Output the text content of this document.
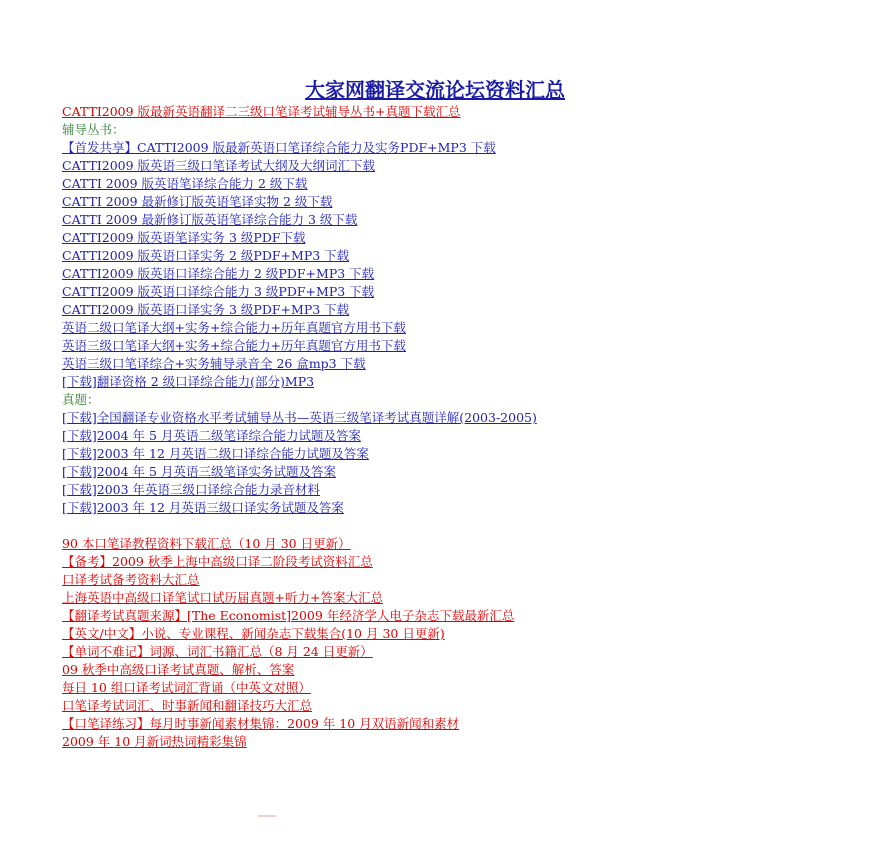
大家网翻译交流论坛资料汇总
CATTI2009 版最新英语翻译二三级口笔译考试辅导丛书+真题下载汇总
辅导丛书：
【首发共享】CATTI2009 版最新英语口笔译综合能力及实务PDF+MP3 下载
CATTI2009 版英语三级口笔译考试大纲及大纲词汇下载
CATTI 2009 版英语笔译综合能力 2 级下载
CATTI 2009 最新修订版英语笔译实物 2 级下载
CATTI 2009 最新修订版英语笔译综合能力 3 级下载
CATTI2009 版英语笔译实务 3 级PDF下载
CATTI2009 版英语口译实务 2 级PDF+MP3 下载
CATTI2009 版英语口译综合能力 2 级PDF+MP3 下载
CATTI2009 版英语口译综合能力 3 级PDF+MP3 下载
CATTI2009 版英语口译实务 3 级PDF+MP3 下载
英语二级口笔译大纲+实务+综合能力+历年真题官方用书下载
英语三级口笔译大纲+实务+综合能力+历年真题官方用书下载
英语三级口笔译综合+实务辅导录音全 26 盒mp3 下载
[下载]翻译资格 2 级口译综合能力(部分)MP3
真题：
[下载]全国翻译专业资格水平考试辅导丛书—英语三级笔译考试真题详解(2003-2005)
[下载]2004 年 5 月英语二级笔译综合能力试题及答案
[下载]2003 年 12 月英语二级口译综合能力试题及答案
[下载]2004 年 5 月英语三级笔译实务试题及答案
[下载]2003 年英语三级口译综合能力录音材料
[下载]2003 年 12 月英语三级口译实务试题及答案
90 本口笔译教程资料下载汇总（10 月 30 日更新）
【备考】2009 秋季上海中高级口译二阶段考试资料汇总
口译考试备考资料大汇总
上海英语中高级口译笔试口试历届真题+听力+答案大汇总
【翻译考试真题来源】[The Economist]2009 年经济学人电子杂志下载最新汇总
【英文/中文】小说、专业课程、新闻杂志下载集合(10 月 30 日更新)
【单词不难记】词源、词汇书籍汇总（8 月 24 日更新）
09 秋季中高级口译考试真题、解析、答案
每日 10 组口译考试词汇背诵（中英文对照）
口笔译考试词汇、时事新闻和翻译技巧大汇总
【口笔译练习】每月时事新闻素材集锦：2009 年 10 月双语新闻和素材
2009 年 10 月新词热词精彩集锦
